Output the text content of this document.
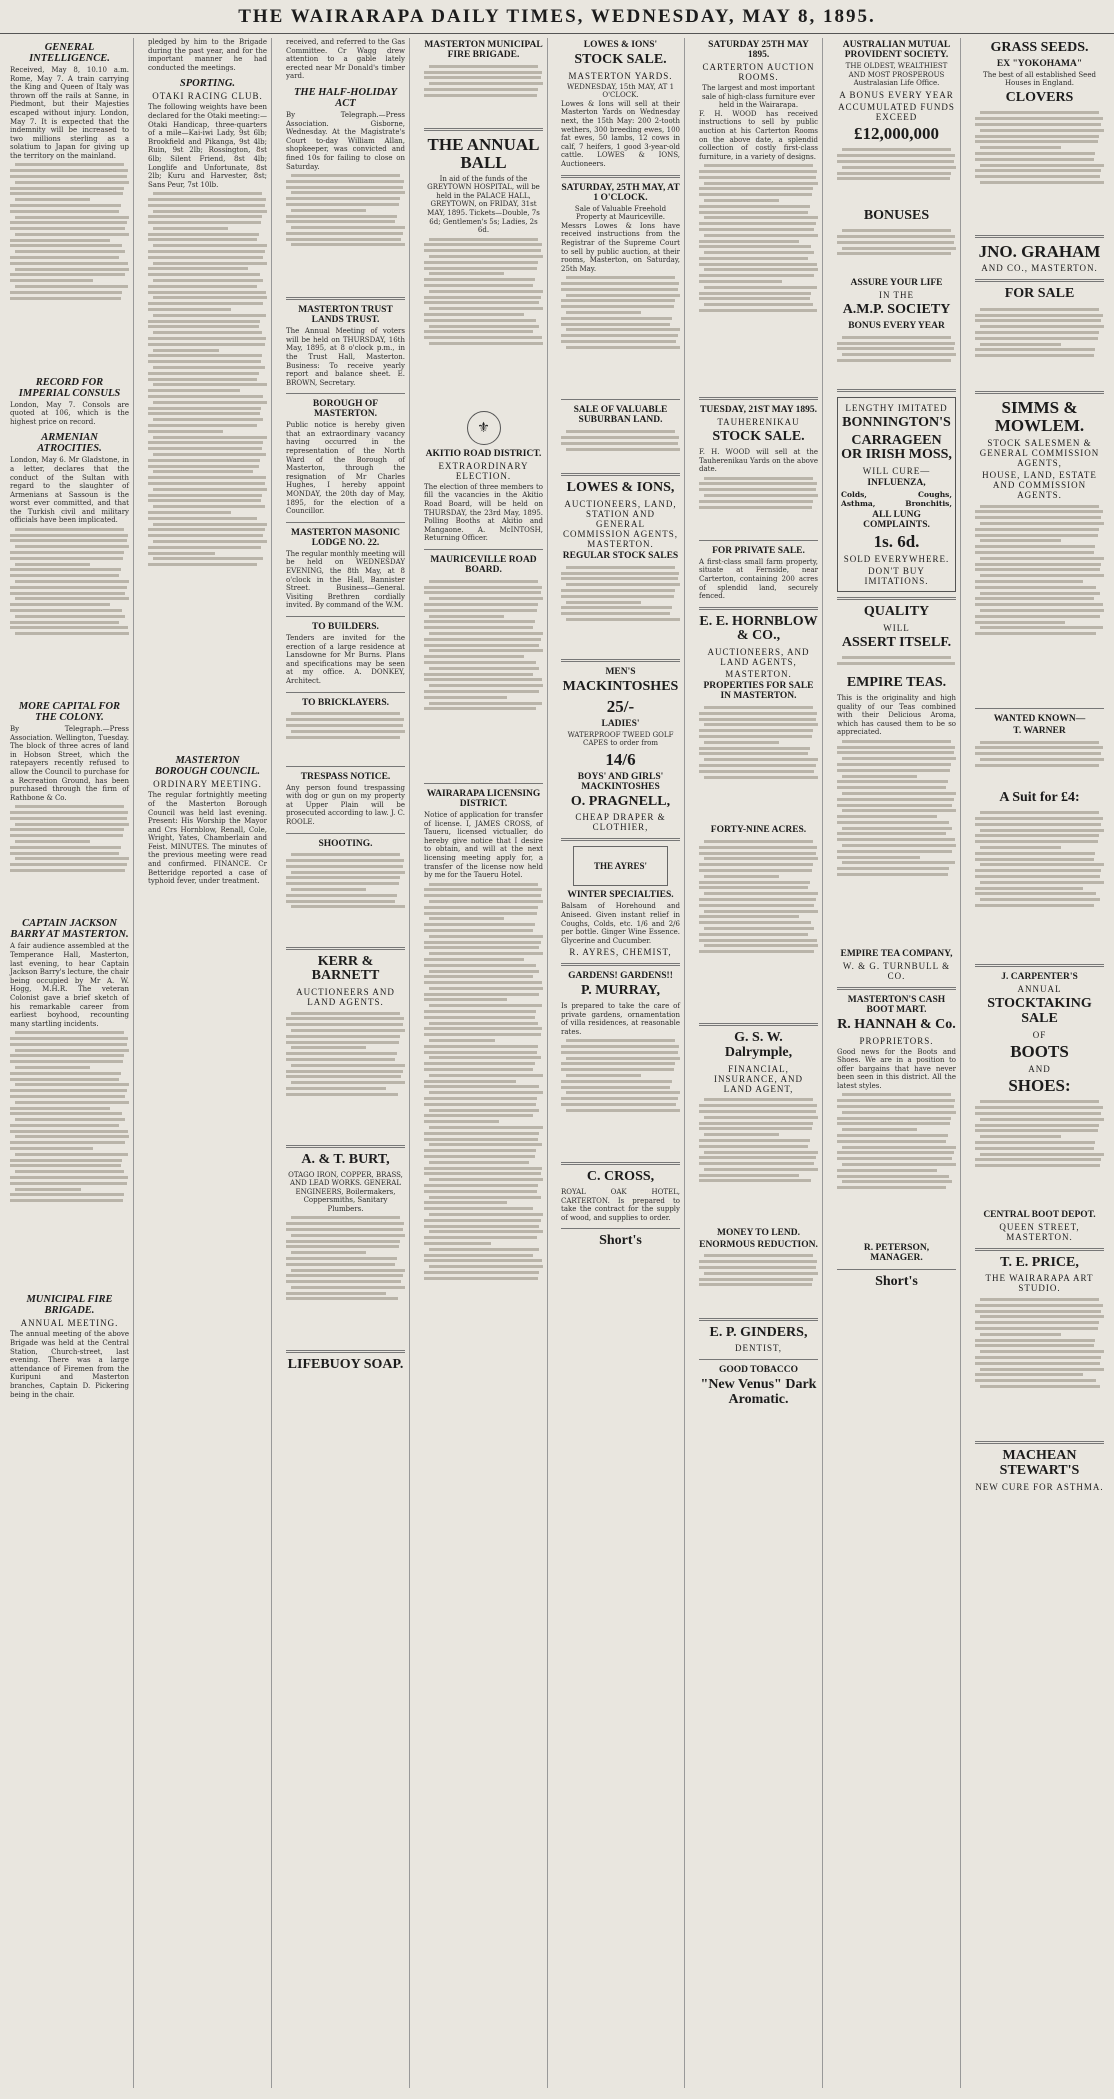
THE WAIRARAPA DAILY TIMES, WEDNESDAY, MAY 8, 1895.
GENERAL INTELLIGENCE.
Received, May 8, 10.10 a.m. Rome, May 7. A train carrying the King and Queen of Italy was thrown off the rails at Sanne, in Piedmont, but their Majesties escaped without injury. London, May 7. It is expected that the indemnity will be increased to two millions sterling as a solatium to Japan for giving up the territory on the mainland.
RECORD FOR IMPERIAL CONSULS
London, May 7. Consols are quoted at 106, which is the highest price on record.
ARMENIAN ATROCITIES.
London, May 6. Mr Gladstone, in a letter, declares that the conduct of the Sultan with regard to the slaughter of Armenians at Sassoun is the worst ever committed, and that the Turkish civil and military officials have been implicated.
MORE CAPITAL FOR THE COLONY.
By Telegraph.—Press Association. Wellington, Tuesday. The block of three acres of land in Hobson Street, which the ratepayers recently refused to allow the Council to purchase for a Recreation Ground, has been purchased through the firm of Rathbone & Co.
CAPTAIN JACKSON BARRY AT MASTERTON.
A fair audience assembled at the Temperance Hall, Masterton, last evening, to hear Captain Jackson Barry's lecture, the chair being occupied by Mr A. W. Hogg, M.H.R. The veteran Colonist gave a brief sketch of his remarkable career from earliest boyhood, recounting many startling incidents.
MUNICIPAL FIRE BRIGADE.
ANNUAL MEETING.
The annual meeting of the above Brigade was held at the Central Station, Church-street, last evening. There was a large attendance of Firemen from the Kuripuni and Masterton branches, Captain D. Pickering being in the chair.
pledged by him to the Brigade during the past year, and for the important manner he had conducted the meetings.
SPORTING.
OTAKI RACING CLUB.
The following weights have been declared for the Otaki meeting:— Otaki Handicap, three-quarters of a mile—Kai-iwi Lady, 9st 6lb; Brookfield and Pikanga, 9st 4lb; Ruin, 9st 2lb; Rossington, 8st 6lb; Silent Friend, 8st 4lb; Longlife and Unfortunate, 8st 2lb; Kuru and Harvester, 8st; Sans Peur, 7st 10lb.
MASTERTON BOROUGH COUNCIL.
ORDINARY MEETING.
The regular fortnightly meeting of the Masterton Borough Council was held last evening. Present: His Worship the Mayor and Crs Hornblow, Renall, Cole, Wright, Yates, Chamberlain and Feist. MINUTES. The minutes of the previous meeting were read and confirmed. FINANCE. Cr Betteridge reported a case of typhoid fever, under treatment.
received, and referred to the Gas Committee. Cr Wagg drew attention to a gable lately erected near Mr Donald's timber yard.
THE HALF-HOLIDAY ACT
By Telegraph.—Press Association. Gisborne, Wednesday. At the Magistrate's Court to-day William Allan, shopkeeper, was convicted and fined 10s for failing to close on Saturday.
MASTERTON TRUST LANDS TRUST.
The Annual Meeting of voters will be held on THURSDAY, 16th May, 1895, at 8 o'clock p.m., in the Trust Hall, Masterton. Business: To receive yearly report and balance sheet. E. BROWN, Secretary.
BOROUGH OF MASTERTON.
Public notice is hereby given that an extraordinary vacancy having occurred in the representation of the North Ward of the Borough of Masterton, through the resignation of Mr Charles Hughes, I hereby appoint MONDAY, the 20th day of May, 1895, for the election of a Councillor.
MASTERTON MASONIC LODGE NO. 22.
The regular monthly meeting will be held on WEDNESDAY EVENING, the 8th May, at 8 o'clock in the Hall, Bannister Street. Business—General. Visiting Brethren cordially invited. By command of the W.M.
TO BUILDERS.
Tenders are invited for the erection of a large residence at Lansdowne for Mr Burns. Plans and specifications may be seen at my office. A. DONKEY, Architect.
TO BRICKLAYERS.
TRESPASS NOTICE.
Any person found trespassing with dog or gun on my property at Upper Plain will be prosecuted according to law. J. C. ROOLE.
SHOOTING.
KERR & BARNETT
AUCTIONEERS AND LAND AGENTS.
A. & T. BURT,
OTAGO IRON, COPPER, BRASS, AND LEAD WORKS. GENERAL ENGINEERS, Boilermakers, Coppersmiths, Sanitary Plumbers.
LIFEBUOY SOAP.
MASTERTON MUNICIPAL FIRE BRIGADE.
THE ANNUAL BALL
In aid of the funds of the GREYTOWN HOSPITAL, will be held in the PALACE HALL, GREYTOWN, on FRIDAY, 31st MAY, 1895. Tickets—Double, 7s 6d; Gentlemen's 5s; Ladies, 2s 6d.
⚜
AKITIO ROAD DISTRICT.
EXTRAORDINARY ELECTION.
The election of three members to fill the vacancies in the Akitio Road Board, will be held on THURSDAY, the 23rd May, 1895. Polling Booths at Akitio and Mangaone. A. McINTOSH, Returning Officer.
MAURICEVILLE ROAD BOARD.
WAIRARAPA LICENSING DISTRICT.
Notice of application for transfer of license. I, JAMES CROSS, of Taueru, licensed victualler, do hereby give notice that I desire to obtain, and will at the next licensing meeting apply for, a transfer of the license now held by me for the Taueru Hotel.
LOWES & IONS'
STOCK SALE.
MASTERTON YARDS.
WEDNESDAY, 15th MAY, AT 1 O'CLOCK.
Lowes & Ions will sell at their Masterton Yards on Wednesday next, the 15th May: 200 2-tooth wethers, 300 breeding ewes, 100 fat ewes, 50 lambs, 12 cows in calf, 7 heifers, 1 good 3-year-old cattle. LOWES & IONS, Auctioneers.
SATURDAY, 25TH MAY, AT 1 O'CLOCK.
Sale of Valuable Freehold Property at Mauriceville.
Messrs Lowes & Ions have received instructions from the Registrar of the Supreme Court to sell by public auction, at their rooms, Masterton, on Saturday, 25th May.
SALE OF VALUABLE SUBURBAN LAND.
LOWES & IONS,
AUCTIONEERS, LAND, STATION AND GENERAL COMMISSION AGENTS, MASTERTON.
REGULAR STOCK SALES
MEN'S
MACKINTOSHES
25/-
LADIES'
WATERPROOF TWEED GOLF CAPES to order from
14/6
BOYS' AND GIRLS' MACKINTOSHES
O. PRAGNELL,
CHEAP DRAPER & CLOTHIER,
THE AYRES'
WINTER SPECIALTIES.
Balsam of Horehound and Aniseed. Given instant relief in Coughs, Colds, etc. 1/6 and 2/6 per bottle. Ginger Wine Essence. Glycerine and Cucumber.
R. AYRES, CHEMIST,
GARDENS! GARDENS!!
P. MURRAY,
Is prepared to take the care of private gardens, ornamentation of villa residences, at reasonable rates.
C. CROSS,
ROYAL OAK HOTEL, CARTERTON. Is prepared to take the contract for the supply of wood, and supplies to order.
Short's
SATURDAY 25TH MAY 1895.
CARTERTON AUCTION ROOMS.
The largest and most important sale of high-class furniture ever held in the Wairarapa.
F. H. WOOD has received instructions to sell by public auction at his Carterton Rooms on the above date, a splendid collection of costly first-class furniture, in a variety of designs.
TUESDAY, 21ST MAY 1895.
TAUHERENIKAU
STOCK SALE.
F. H. WOOD will sell at the Tauherenikau Yards on the above date.
FOR PRIVATE SALE.
A first-class small farm property, situate at Fernside, near Carterton, containing 200 acres of splendid land, securely fenced.
E. E. HORNBLOW & CO.,
AUCTIONEERS, AND LAND AGENTS,
MASTERTON.
PROPERTIES FOR SALE IN MASTERTON.
FORTY-NINE ACRES.
G. S. W. Dalrymple,
FINANCIAL, INSURANCE, AND LAND AGENT,
MONEY TO LEND.
ENORMOUS REDUCTION.
E. P. GINDERS,
DENTIST,
GOOD TOBACCO
"New Venus" Dark Aromatic.
AUSTRALIAN MUTUAL PROVIDENT SOCIETY.
THE OLDEST, WEALTHIEST AND MOST PROSPEROUS Australasian Life Office.
A BONUS EVERY YEAR
ACCUMULATED FUNDS EXCEED
£12,000,000
BONUSES
ASSURE YOUR LIFE
IN THE
A.M.P. SOCIETY
BONUS EVERY YEAR
LENGTHY IMITATED
BONNINGTON'S
CARRAGEEN OR IRISH MOSS,
WILL CURE—
INFLUENZA,
Colds,	Coughs,
Asthma,	Bronchitis,
ALL LUNG COMPLAINTS.
1s. 6d.
SOLD EVERYWHERE.
DON'T BUY IMITATIONS.
QUALITY
WILL
ASSERT ITSELF.
EMPIRE TEAS.
This is the originality and high quality of our Teas combined with their Delicious Aroma, which has caused them to be so appreciated.
EMPIRE TEA COMPANY,
W. & G. TURNBULL & CO.
MASTERTON'S CASH BOOT MART.
R. HANNAH & Co.
PROPRIETORS.
Good news for the Boots and Shoes. We are in a position to offer bargains that have never been seen in this district. All the latest styles.
R. PETERSON, MANAGER.
Short's
GRASS SEEDS.
EX "YOKOHAMA"
The best of all established Seed Houses in England.
CLOVERS
JNO. GRAHAM
AND CO., MASTERTON.
FOR SALE
SIMMS & MOWLEM.
STOCK SALESMEN & GENERAL COMMISSION AGENTS,
HOUSE, LAND, ESTATE AND COMMISSION AGENTS.
WANTED KNOWN—
T. WARNER
A Suit for £4:
J. CARPENTER'S
ANNUAL
STOCKTAKING SALE
OF
BOOTS
AND
SHOES:
CENTRAL BOOT DEPOT.
QUEEN STREET, MASTERTON.
T. E. PRICE,
THE WAIRARAPA ART STUDIO.
MACHEAN STEWART'S
NEW CURE FOR ASTHMA.
